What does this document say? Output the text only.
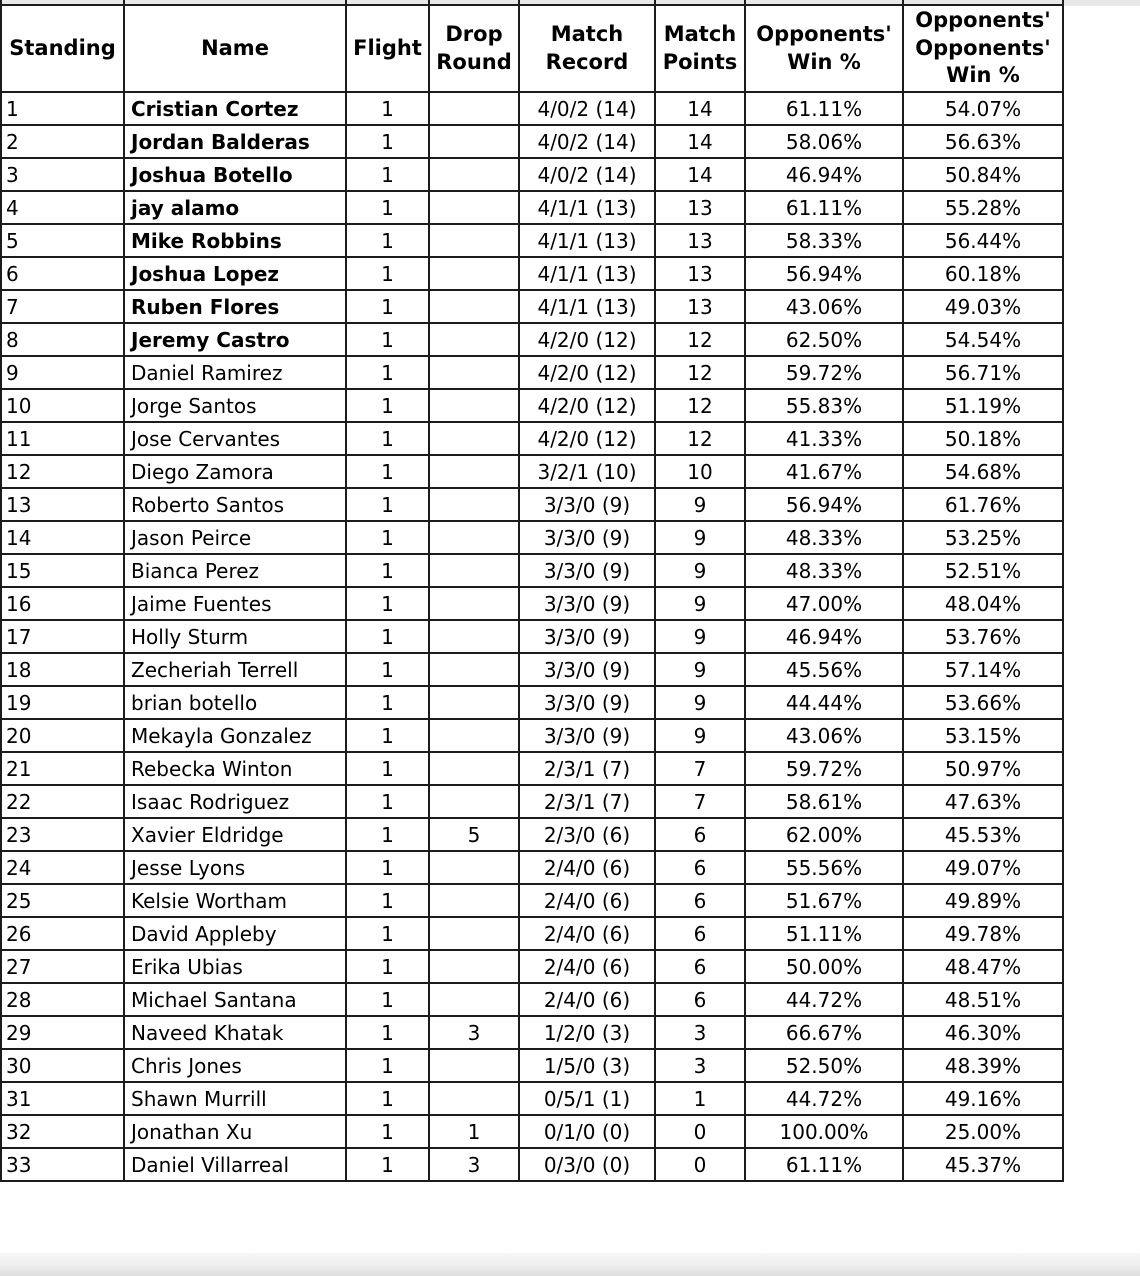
Standing	Name	Flight	Drop Round	Match Record	Match Points	Opponents' Win %	Opponents' Opponents' Win %
1	Cristian Cortez	1		4/0/2 (14)	14	61.11%	54.07%
2	Jordan Balderas	1		4/0/2 (14)	14	58.06%	56.63%
3	Joshua Botello	1		4/0/2 (14)	14	46.94%	50.84%
4	jay alamo	1		4/1/1 (13)	13	61.11%	55.28%
5	Mike Robbins	1		4/1/1 (13)	13	58.33%	56.44%
6	Joshua Lopez	1		4/1/1 (13)	13	56.94%	60.18%
7	Ruben Flores	1		4/1/1 (13)	13	43.06%	49.03%
8	Jeremy Castro	1		4/2/0 (12)	12	62.50%	54.54%
9	Daniel Ramirez	1		4/2/0 (12)	12	59.72%	56.71%
10	Jorge Santos	1		4/2/0 (12)	12	55.83%	51.19%
11	Jose Cervantes	1		4/2/0 (12)	12	41.33%	50.18%
12	Diego Zamora	1		3/2/1 (10)	10	41.67%	54.68%
13	Roberto Santos	1		3/3/0 (9)	9	56.94%	61.76%
14	Jason Peirce	1		3/3/0 (9)	9	48.33%	53.25%
15	Bianca Perez	1		3/3/0 (9)	9	48.33%	52.51%
16	Jaime Fuentes	1		3/3/0 (9)	9	47.00%	48.04%
17	Holly Sturm	1		3/3/0 (9)	9	46.94%	53.76%
18	Zecheriah Terrell	1		3/3/0 (9)	9	45.56%	57.14%
19	brian botello	1		3/3/0 (9)	9	44.44%	53.66%
20	Mekayla Gonzalez	1		3/3/0 (9)	9	43.06%	53.15%
21	Rebecka Winton	1		2/3/1 (7)	7	59.72%	50.97%
22	Isaac Rodriguez	1		2/3/1 (7)	7	58.61%	47.63%
23	Xavier Eldridge	1	5	2/3/0 (6)	6	62.00%	45.53%
24	Jesse Lyons	1		2/4/0 (6)	6	55.56%	49.07%
25	Kelsie Wortham	1		2/4/0 (6)	6	51.67%	49.89%
26	David Appleby	1		2/4/0 (6)	6	51.11%	49.78%
27	Erika Ubias	1		2/4/0 (6)	6	50.00%	48.47%
28	Michael Santana	1		2/4/0 (6)	6	44.72%	48.51%
29	Naveed Khatak	1	3	1/2/0 (3)	3	66.67%	46.30%
30	Chris Jones	1		1/5/0 (3)	3	52.50%	48.39%
31	Shawn Murrill	1		0/5/1 (1)	1	44.72%	49.16%
32	Jonathan Xu	1	1	0/1/0 (0)	0	100.00%	25.00%
33	Daniel Villarreal	1	3	0/3/0 (0)	0	61.11%	45.37%
